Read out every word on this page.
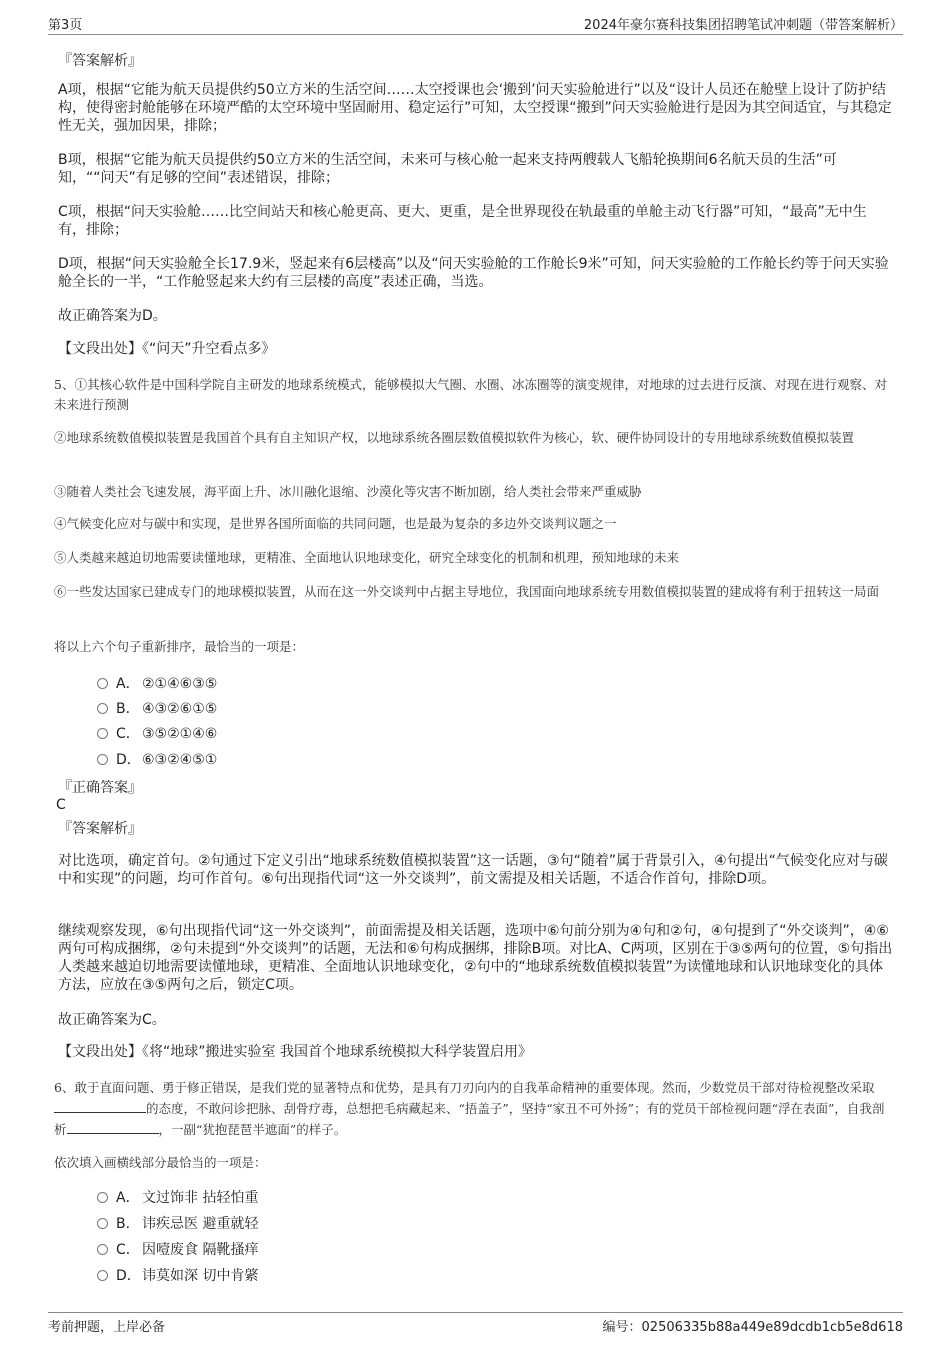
第3页	2024年豪尔赛科技集团招聘笔试冲刺题（带答案解析）
『答案解析』
A项，根据“它能为航天员提供约50立方米的生活空间……太空授课也会‘搬到’问天实验舱进行”以及“设计人员还在舱壁上设计了防护结构，使得密封舱能够在环境严酷的太空环境中坚固耐用、稳定运行”可知，太空授课“搬到”问天实验舱进行是因为其空间适宜，与其稳定性无关，强加因果，排除；
B项，根据“它能为航天员提供约50立方米的生活空间，未来可与核心舱一起来支持两艘载人飞船轮换期间6名航天员的生活”可知，““问天”有足够的空间”表述错误，排除；
C项，根据“问天实验舱……比空间站天和核心舱更高、更大、更重，是全世界现役在轨最重的单舱主动飞行器”可知，“最高”无中生有，排除；
D项，根据“问天实验舱全长17.9米，竖起来有6层楼高”以及“问天实验舱的工作舱长9米”可知，问天实验舱的工作舱长约等于问天实验舱全长的一半，“工作舱竖起来大约有三层楼的高度”表述正确，当选。
故正确答案为D。
【文段出处】《“问天”升空看点多》
5、①其核心软件是中国科学院自主研发的地球系统模式，能够模拟大气圈、水圈、冰冻圈等的演变规律，对地球的过去进行反演、对现在进行观察、对未来进行预测
②地球系统数值模拟装置是我国首个具有自主知识产权，以地球系统各圈层数值模拟软件为核心，软、硬件协同设计的专用地球系统数值模拟装置
③随着人类社会飞速发展，海平面上升、冰川融化退缩、沙漠化等灾害不断加剧，给人类社会带来严重威胁
④气候变化应对与碳中和实现，是世界各国所面临的共同问题，也是最为复杂的多边外交谈判议题之一
⑤人类越来越迫切地需要读懂地球，更精准、全面地认识地球变化，研究全球变化的机制和机理，预知地球的未来
⑥一些发达国家已建成专门的地球模拟装置，从而在这一外交谈判中占据主导地位，我国面向地球系统专用数值模拟装置的建成将有利于扭转这一局面
将以上六个句子重新排序，最恰当的一项是：
A． ②①④⑥③⑤
B． ④③②⑥①⑤
C． ③⑤②①④⑥
D．⑥③②④⑤①
『正确答案』
C
『答案解析』
对比选项，确定首句。②句通过下定义引出“地球系统数值模拟装置”这一话题，③句“随着”属于背景引入，④句提出“气候变化应对与碳中和实现”的问题，均可作首句。⑥句出现指代词“这一外交谈判”，前文需提及相关话题，不适合作首句，排除D项。
继续观察发现，⑥句出现指代词“这一外交谈判”，前面需提及相关话题，选项中⑥句前分别为④句和②句，④句提到了“外交谈判”，④⑥两句可构成捆绑，②句未提到“外交谈判”的话题，无法和⑥句构成捆绑，排除B项。对比A、C两项，区别在于③⑤两句的位置，⑤句指出人类越来越迫切地需要读懂地球，更精准、全面地认识地球变化，②句中的“地球系统数值模拟装置”为读懂地球和认识地球变化的具体方法，应放在③⑤两句之后，锁定C项。
故正确答案为C。
【文段出处】《将“地球”搬进实验室 我国首个地球系统模拟大科学装置启用》
6、敢于直面问题、勇于修正错误，是我们党的显著特点和优势，是具有刀刃向内的自我革命精神的重要体现。然而，少数党员干部对待检视整改采取的态度，不敢问诊把脉、刮骨疗毒，总想把毛病藏起来、“捂盖子”，坚持“家丑不可外扬”；有的党员干部检视问题“浮在表面”，自我剖析	，一副“犹抱琵琶半遮面”的样子。
依次填入画横线部分最恰当的一项是：
A． 文过饰非 拈轻怕重
B． 讳疾忌医 避重就轻
C． 因噎废食 隔靴搔痒
D．讳莫如深 切中肯綮
考前押题，上岸必备	编号：02506335b88a449e89dcdb1cb5e8d618
